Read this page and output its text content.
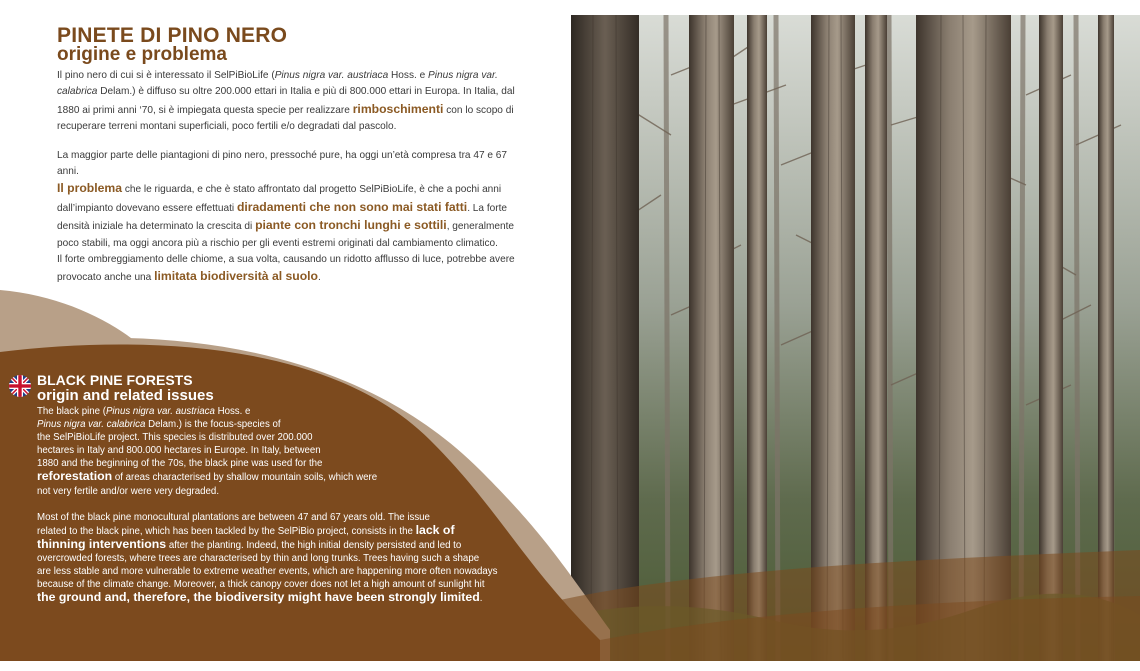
PINETE DI PINO NERO
origine e problema

Il pino nero di cui si è interessato il SelPiBioLife (Pinus nigra var. austriaca Hoss. e Pinus nigra var. calabrica Delam.) è diffuso su oltre 200.000 ettari in Italia e più di 800.000 ettari in Europa. In Italia, dal 1880 ai primi anni ‘70, si è impiegata questa specie per realizzare rimboschimenti con lo scopo di recuperare terreni montani superficiali, poco fertili e/o degradati dal pascolo.

La maggior parte delle piantagioni di pino nero, pressoché pure, ha oggi un’età compresa tra 47 e 67 anni.
Il problema che le riguarda, e che è stato affrontato dal progetto SelPiBioLife, è che a pochi anni dall’impianto dovevano essere effettuati diradamenti che non sono mai stati fatti. La forte densità iniziale ha determinato la crescita di piante con tronchi lunghi e sottili, generalmente poco stabili, ma oggi ancora più a rischio per gli eventi estremi originati dal cambiamento climatico.
Il forte ombreggiamento delle chiome, a sua volta, causando un ridotto afflusso di luce, potrebbe avere provocato anche una limitata biodiversità al suolo.

BLACK PINE FORESTS
origin and related issues
The black pine (Pinus nigra var. austriaca Hoss. e
Pinus nigra var. calabrica Delam.) is the focus-species of
the SelPiBioLife project. This species is distributed over 200.000
hectares in Italy and 800.000 hectares in Europe. In Italy, between
1880 and the beginning of the 70s, the black pine was used for the
reforestation of areas characterised by shallow mountain soils, which were
not very fertile and/or were very degraded.
Most of the black pine monocultural plantations are between 47 and 67 years old. The issue
related to the black pine, which has been tackled by the SelPiBio project, consists in the lack of
thinning interventions after the planting. Indeed, the high initial density persisted and led to
overcrowded forests, where trees are characterised by thin and long trunks. Trees having such a shape
are less stable and more vulnerable to extreme weather events, which are happening more often nowadays
because of the climate change. Moreover, a thick canopy cover does not let a high amount of sunlight hit
the ground and, therefore, the biodiversity might have been strongly limited.
